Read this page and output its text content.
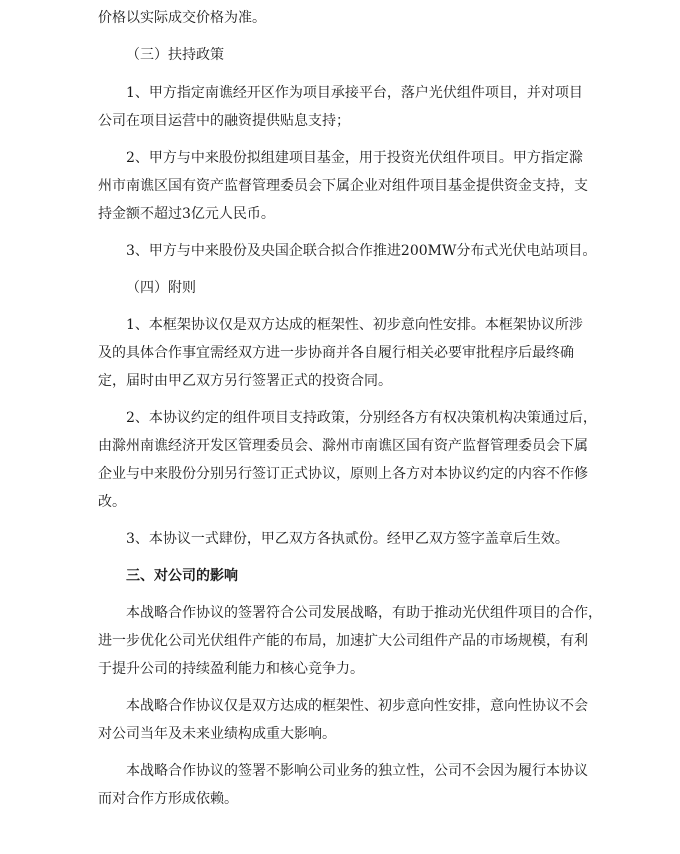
价格以实际成交价格为准。
（三）扶持政策
1、甲方指定南谯经开区作为项目承接平台，落户光伏组件项目，并对项目
公司在项目运营中的融资提供贴息支持；
2、甲方与中来股份拟组建项目基金，用于投资光伏组件项目。甲方指定滁
州市南谯区国有资产监督管理委员会下属企业对组件项目基金提供资金支持，支
持金额不超过3亿元人民币。
3、甲方与中来股份及央国企联合拟合作推进200MW分布式光伏电站项目。
（四）附则
1、本框架协议仅是双方达成的框架性、初步意向性安排。本框架协议所涉
及的具体合作事宜需经双方进一步协商并各自履行相关必要审批程序后最终确
定，届时由甲乙双方另行签署正式的投资合同。
2、本协议约定的组件项目支持政策，分别经各方有权决策机构决策通过后，
由滁州南谯经济开发区管理委员会、滁州市南谯区国有资产监督管理委员会下属
企业与中来股份分别另行签订正式协议，原则上各方对本协议约定的内容不作修
改。
3、本协议一式肆份，甲乙双方各执贰份。经甲乙双方签字盖章后生效。
三、对公司的影响
本战略合作协议的签署符合公司发展战略，有助于推动光伏组件项目的合作，
进一步优化公司光伏组件产能的布局，加速扩大公司组件产品的市场规模，有利
于提升公司的持续盈利能力和核心竞争力。
本战略合作协议仅是双方达成的框架性、初步意向性安排，意向性协议不会
对公司当年及未来业绩构成重大影响。
本战略合作协议的签署不影响公司业务的独立性，公司不会因为履行本协议
而对合作方形成依赖。
